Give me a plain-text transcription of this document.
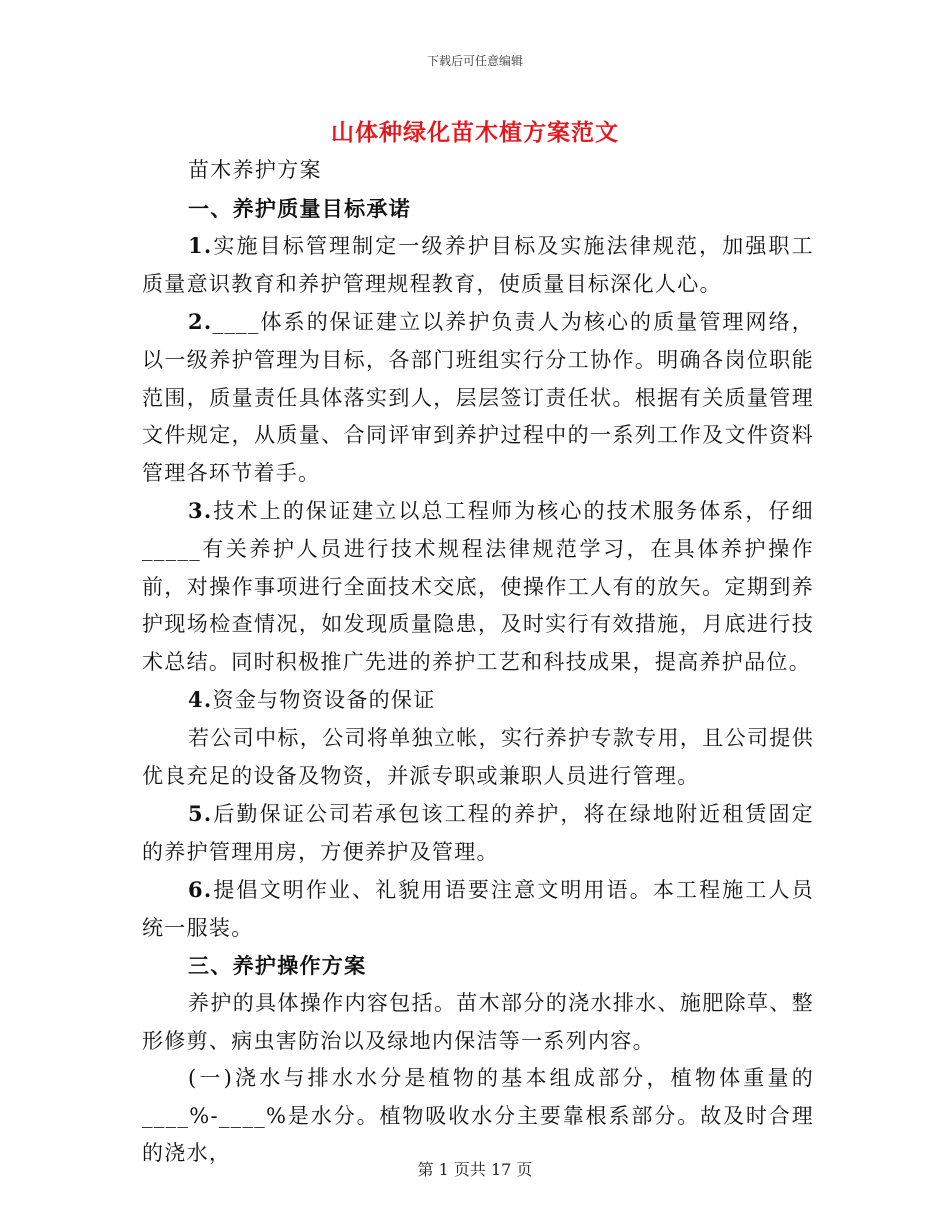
下载后可任意编辑
山体种绿化苗木植方案范文

苗木养护方案

一、养护质量目标承诺

1.实施目标管理制定一级养护目标及实施法律规范，加强职工质量意识教育和养护管理规程教育，使质量目标深化人心。

2.____体系的保证建立以养护负责人为核心的质量管理网络，以一级养护管理为目标，各部门班组实行分工协作。明确各岗位职能范围，质量责任具体落实到人，层层签订责任状。根据有关质量管理文件规定，从质量、合同评审到养护过程中的一系列工作及文件资料管理各环节着手。

3.技术上的保证建立以总工程师为核心的技术服务体系，仔细_____有关养护人员进行技术规程法律规范学习，在具体养护操作前，对操作事项进行全面技术交底，使操作工人有的放矢。定期到养护现场检查情况，如发现质量隐患，及时实行有效措施，月底进行技术总结。同时积极推广先进的养护工艺和科技成果，提高养护品位。

4.资金与物资设备的保证

若公司中标，公司将单独立帐，实行养护专款专用，且公司提供优良充足的设备及物资，并派专职或兼职人员进行管理。

5.后勤保证公司若承包该工程的养护，将在绿地附近租赁固定的养护管理用房，方便养护及管理。

6.提倡文明作业、礼貌用语要注意文明用语。本工程施工人员统一服装。

三、养护操作方案

养护的具体操作内容包括。苗木部分的浇水排水、施肥除草、整形修剪、病虫害防治以及绿地内保洁等一系列内容。

(一)浇水与排水水分是植物的基本组成部分，植物体重量的____%-____%是水分。植物吸收水分主要靠根系部分。故及时合理的浇水，

第 1 页共 17 页
